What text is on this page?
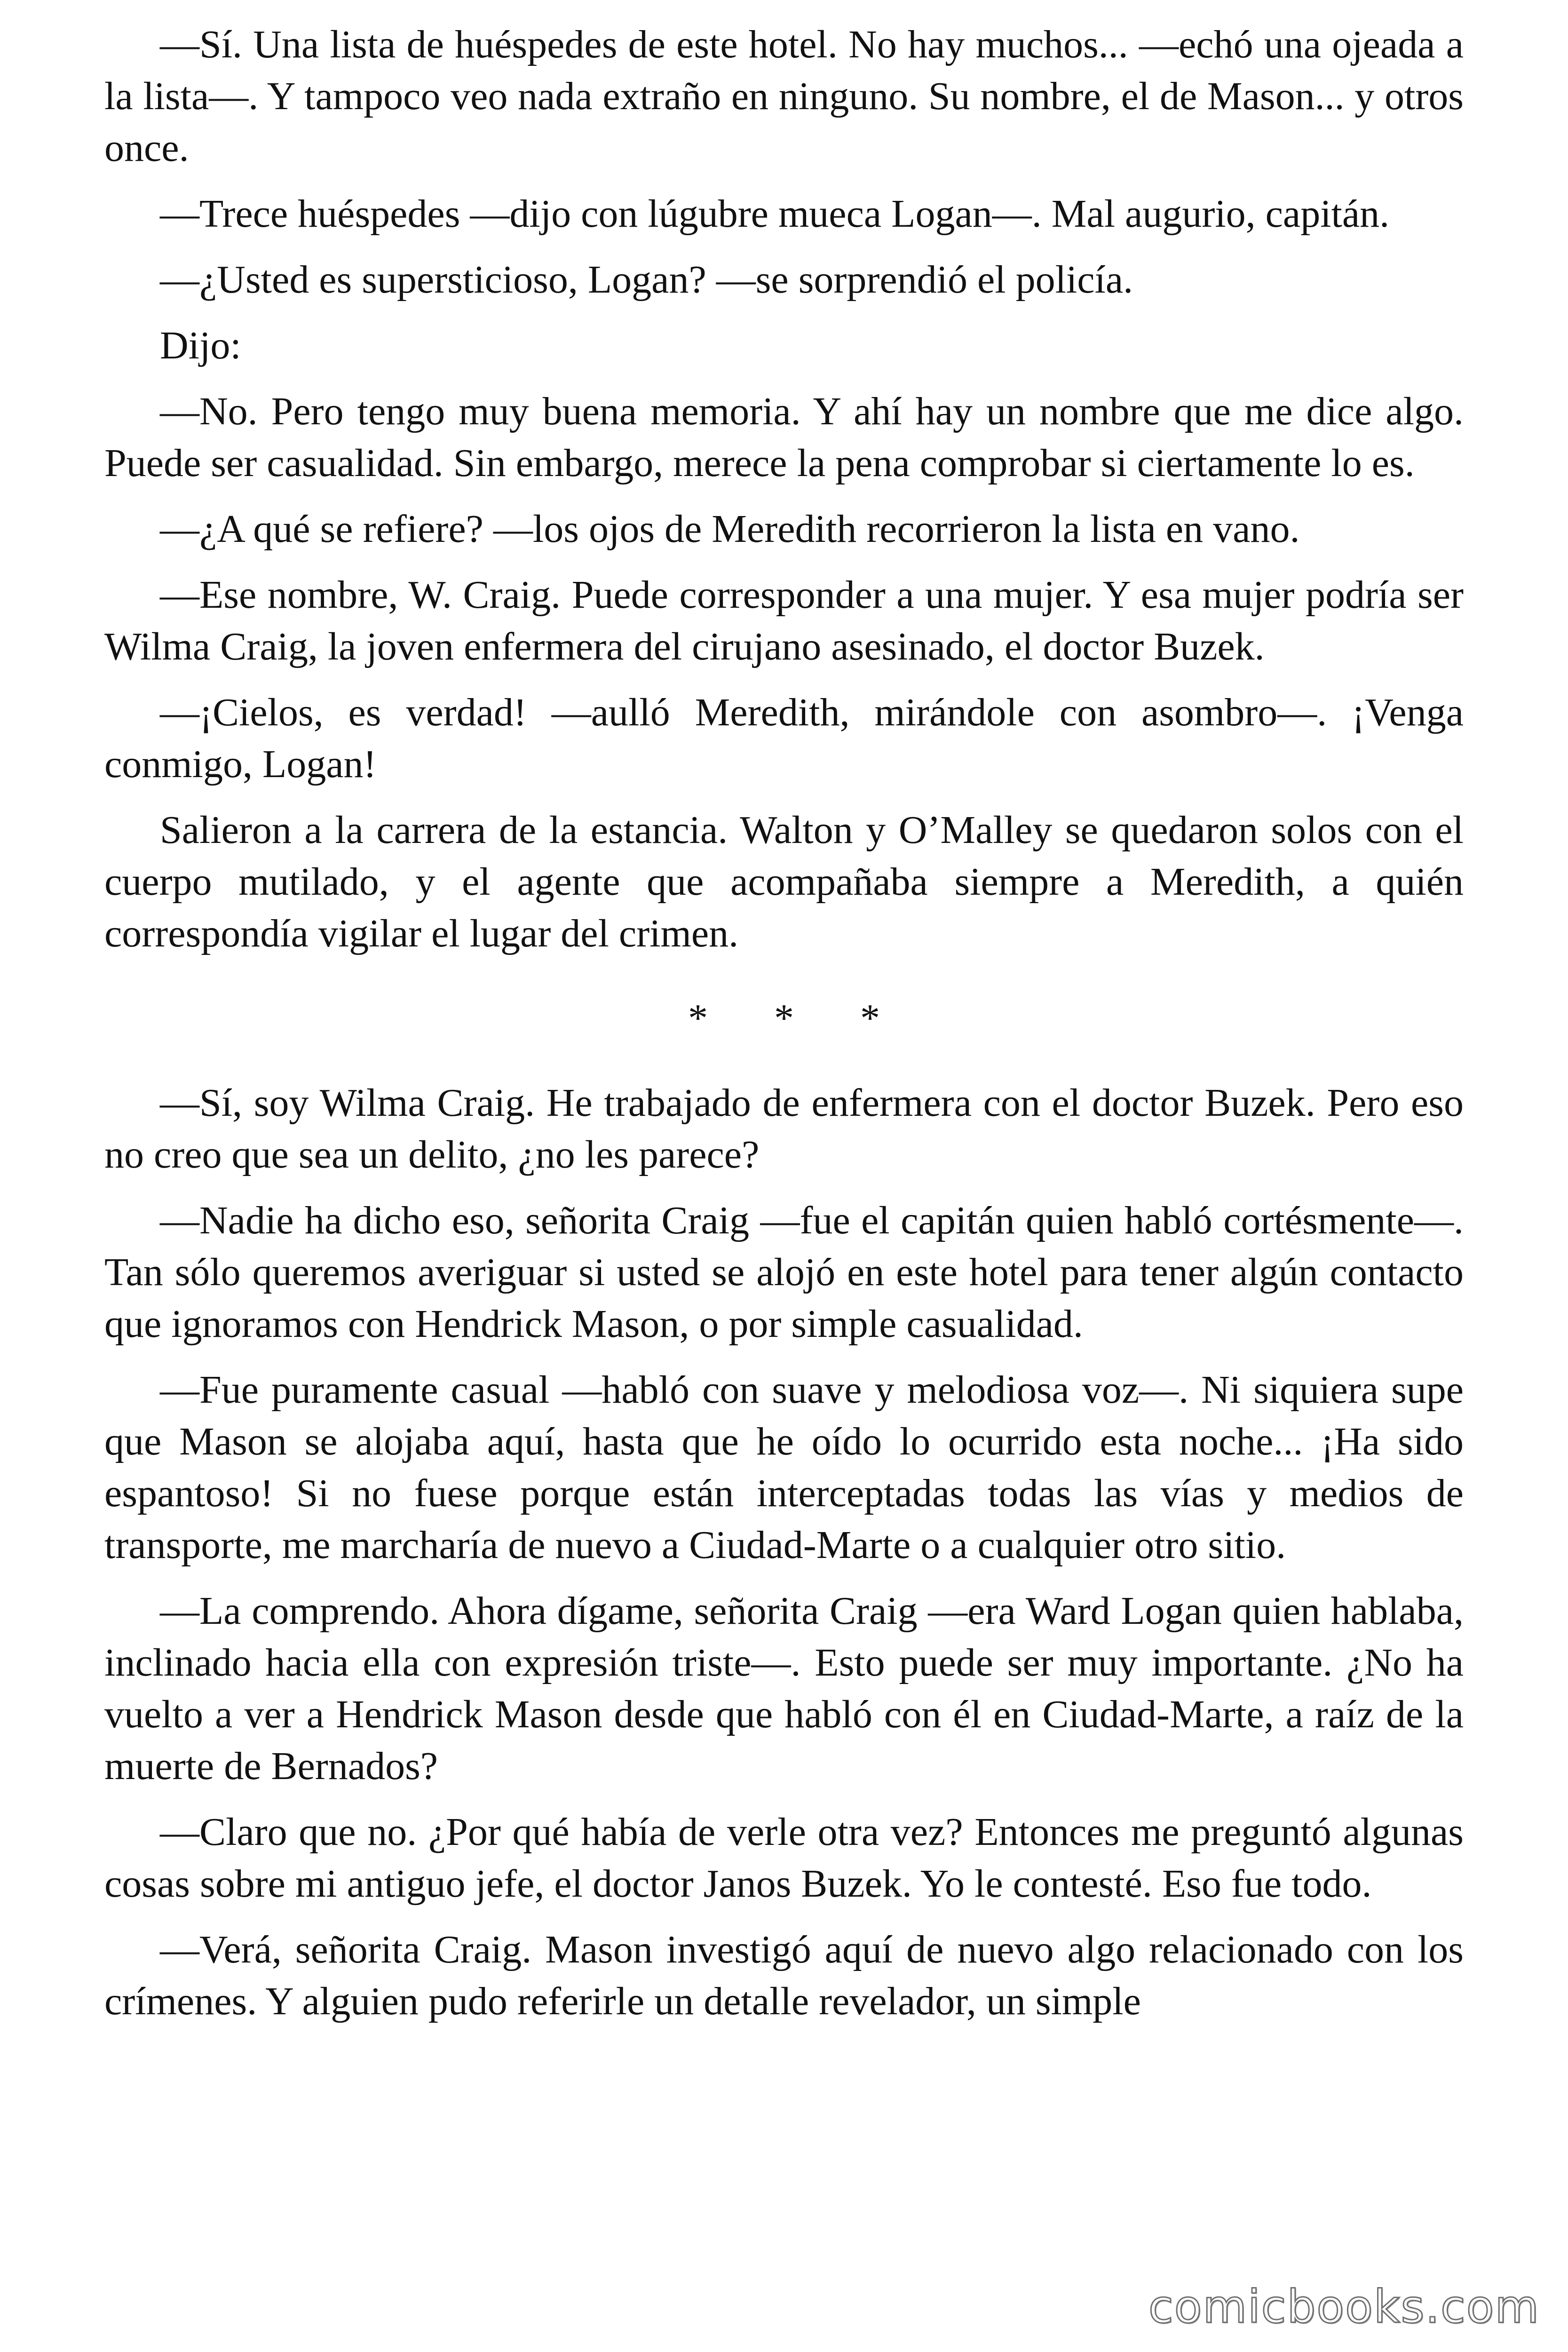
—Sí. Una lista de huéspedes de este hotel. No hay muchos... —echó una ojeada a la lista—. Y tampoco veo nada extraño en ninguno. Su nombre, el de Mason... y otros once.

—Trece huéspedes —dijo con lúgubre mueca Logan—. Mal augurio, capitán.

—¿Usted es supersticioso, Logan? —se sorprendió el policía.

Dijo:

—No. Pero tengo muy buena memoria. Y ahí hay un nombre que me dice algo. Puede ser casualidad. Sin embargo, merece la pena comprobar si ciertamente lo es.

—¿A qué se refiere? —los ojos de Meredith recorrieron la lista en vano.

—Ese nombre, W. Craig. Puede corresponder a una mujer. Y esa mujer podría ser Wilma Craig, la joven enfermera del cirujano asesinado, el doctor Buzek.

—¡Cielos, es verdad! —aulló Meredith, mirándole con asombro—. ¡Venga conmigo, Logan!

Salieron a la carrera de la estancia. Walton y O’Malley se quedaron solos con el cuerpo mutilado, y el agente que acompañaba siempre a Meredith, a quién correspondía vigilar el lugar del crimen.

* * *

—Sí, soy Wilma Craig. He trabajado de enfermera con el doctor Buzek. Pero eso no creo que sea un delito, ¿no les parece?

—Nadie ha dicho eso, señorita Craig —fue el capitán quien habló cortésmente—. Tan sólo queremos averiguar si usted se alojó en este hotel para tener algún contacto que ignoramos con Hendrick Mason, o por simple casualidad.

—Fue puramente casual —habló con suave y melodiosa voz—. Ni siquiera supe que Mason se alojaba aquí, hasta que he oído lo ocurrido esta noche... ¡Ha sido espantoso! Si no fuese porque están interceptadas todas las vías y medios de transporte, me marcharía de nuevo a Ciudad-Marte o a cualquier otro sitio.

—La comprendo. Ahora dígame, señorita Craig —era Ward Logan quien hablaba, inclinado hacia ella con expresión triste—. Esto puede ser muy importante. ¿No ha vuelto a ver a Hendrick Mason desde que habló con él en Ciudad-Marte, a raíz de la muerte de Bernados?

—Claro que no. ¿Por qué había de verle otra vez? Entonces me preguntó algunas cosas sobre mi antiguo jefe, el doctor Janos Buzek. Yo le contesté. Eso fue todo.

—Verá, señorita Craig. Mason investigó aquí de nuevo algo relacionado con los crímenes. Y alguien pudo referirle un detalle revelador, un simple

comicbooks.com
